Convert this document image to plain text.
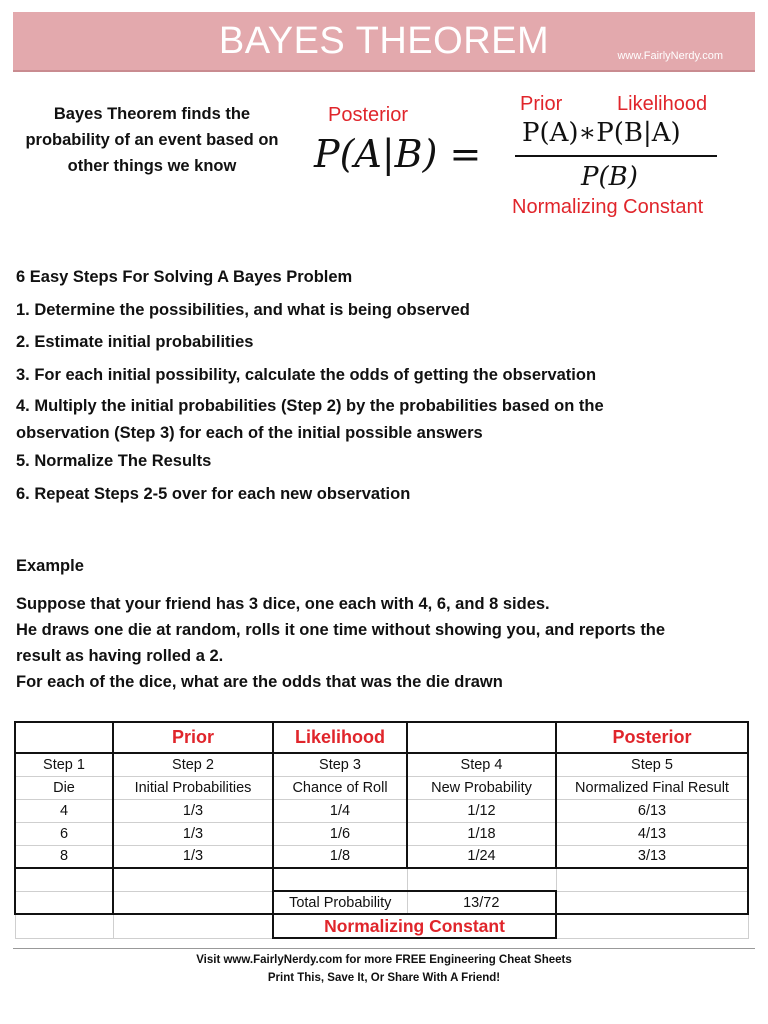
BAYES THEOREM	www.FairlyNerdy.com
Bayes Theorem finds the
probability of an event based on
other things we know
Posterior	Prior	Likelihood
P(A|B) = P(A)∗P(B|A)
P(B)
Normalizing Constant
6 Easy Steps For Solving A Bayes Problem
1. Determine the possibilities, and what is being observed
2. Estimate initial probabilities
3. For each initial possibility, calculate the odds of getting the observation
4. Multiply the initial probabilities (Step 2) by the probabilities based on the
observation (Step 3) for each of the initial possible answers
5. Normalize The Results
6. Repeat Steps 2-5 over for each new observation
Example
Suppose that your friend has 3 dice, one each with 4, 6, and 8 sides.
He draws one die at random, rolls it one time without showing you, and reports the
result as having rolled a 2.
For each of the dice, what are the odds that was the die drawn
	Prior	Likelihood		Posterior
Step 1	Step 2	Step 3	Step 4	Step 5
Die	Initial Probabilities	Chance of Roll	New Probability	Normalized Final Result
4	1/3	1/4	1/12	6/13
6	1/3	1/6	1/18	4/13
8	1/3	1/8	1/24	3/13

		Total Probability	13/72	
		Normalizing Constant		
Visit www.FairlyNerdy.com for more FREE Engineering Cheat Sheets
Print This, Save It, Or Share With A Friend!
